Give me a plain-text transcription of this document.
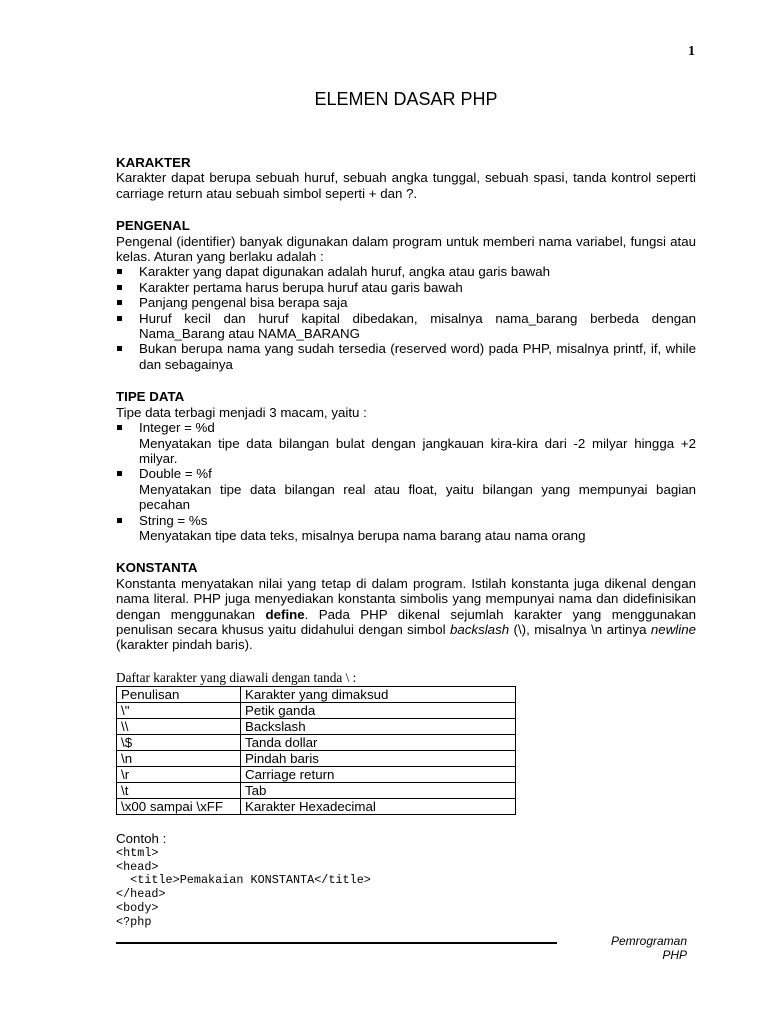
1
ELEMEN DASAR PHP
KARAKTER
Karakter dapat berupa sebuah huruf, sebuah angka tunggal, sebuah spasi, tanda kontrol seperti carriage return atau sebuah simbol seperti + dan ?.
PENGENAL
Pengenal (identifier) banyak digunakan dalam program untuk memberi nama variabel, fungsi atau kelas. Aturan yang berlaku adalah :
Karakter yang dapat digunakan adalah huruf, angka atau garis bawah
Karakter pertama harus berupa huruf atau garis bawah
Panjang pengenal bisa berapa saja
Huruf kecil dan huruf kapital dibedakan, misalnya nama_barang berbeda dengan Nama_Barang atau NAMA_BARANG
Bukan berupa nama yang sudah tersedia (reserved word) pada PHP, misalnya printf, if, while dan sebagainya
TIPE DATA
Tipe data terbagi menjadi 3 macam, yaitu :
Integer = %d
Menyatakan tipe data bilangan bulat dengan jangkauan kira-kira dari -2 milyar hingga +2 milyar.
Double = %f
Menyatakan tipe data bilangan real atau float, yaitu bilangan yang mempunyai bagian pecahan
String = %s
Menyatakan tipe data teks, misalnya berupa nama barang atau nama orang
KONSTANTA
Konstanta menyatakan nilai yang tetap di dalam program. Istilah konstanta juga dikenal dengan nama literal. PHP juga menyediakan konstanta simbolis yang mempunyai nama dan didefinisikan dengan menggunakan define. Pada PHP dikenal sejumlah karakter yang menggunakan penulisan secara khusus yaitu didahului dengan simbol backslash (\), misalnya \n artinya newline (karakter pindah baris).
Daftar karakter yang diawali dengan tanda \ :
Penulisan	Karakter yang dimaksud
\"	Petik ganda
\\	Backslash
\$	Tanda dollar
\n	Pindah baris
\r	Carriage return
\t	Tab
\x00 sampai \xFF	Karakter Hexadecimal
Contoh :
<html>
<head>
<title>Pemakaian KONSTANTA</title>
</head>
<body>
<?php
Pemrograman
PHP
